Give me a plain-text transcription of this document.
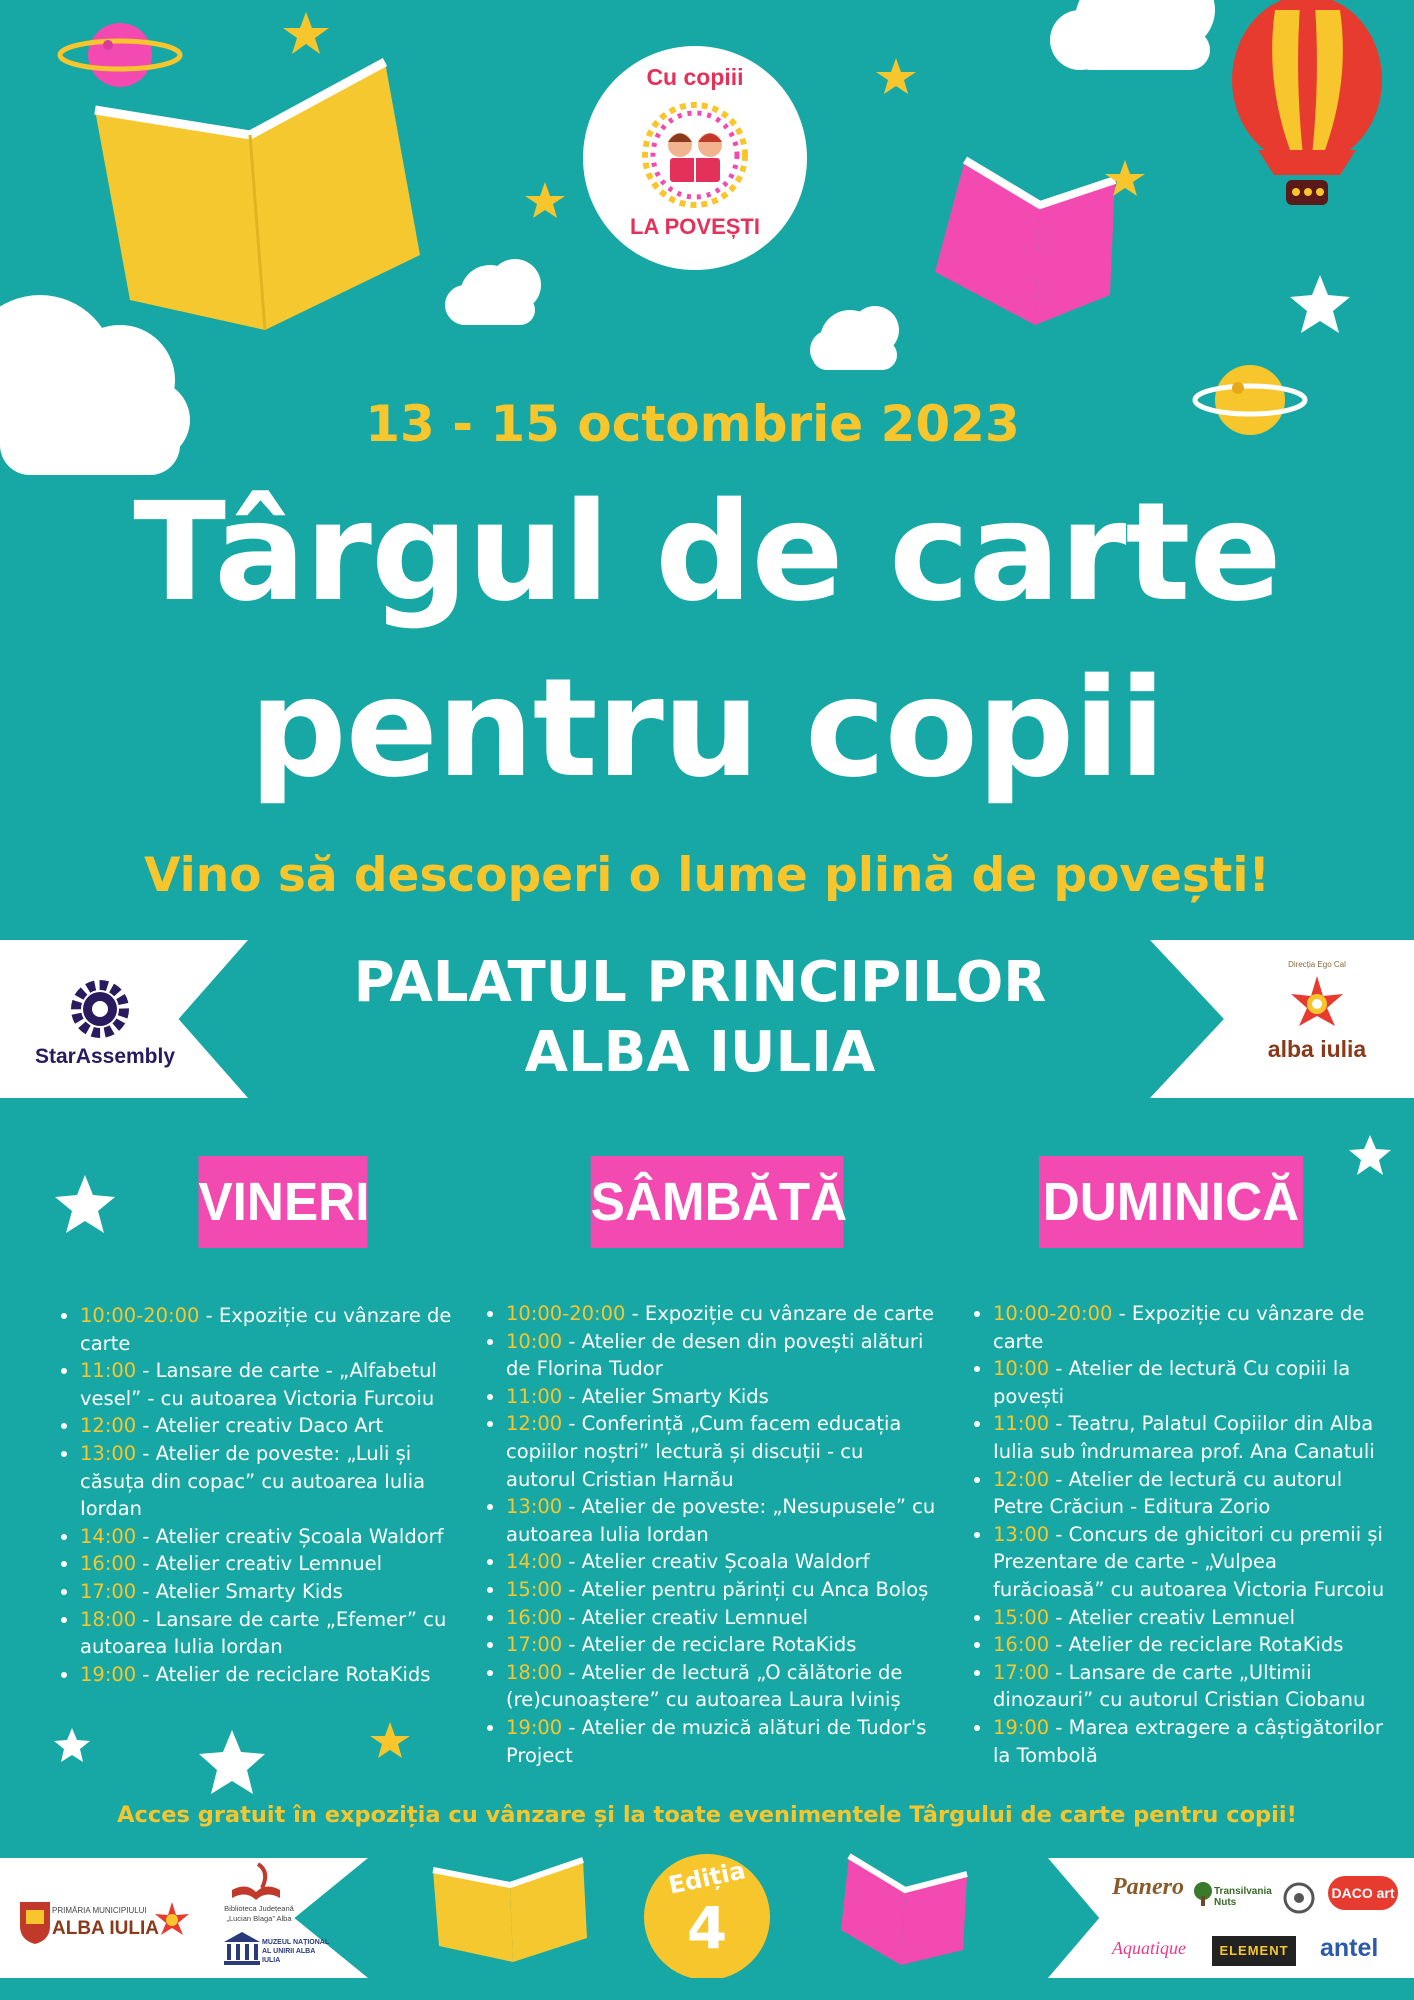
Cu copiii
LA POVEȘTI
13 - 15 octombrie 2023
Târgul de carte
pentru copii
Vino să descoperi o lume plină de povești!
StarAssembly
PALATUL PRINCIPILOR
ALBA IULIA
Direcția Ego Cal
alba iulia
VINERI	SÂMBĂTĂ	DUMINICĂ
• 10:00-20:00 - Expoziție cu vânzare de carte
• 11:00 - Lansare de carte - „Alfabetul vesel” - cu autoarea Victoria Furcoiu
• 12:00 - Atelier creativ Daco Art
• 13:00 - Atelier de poveste: „Luli și căsuța din copac” cu autoarea Iulia Iordan
• 14:00 - Atelier creativ Școala Waldorf
• 16:00 - Atelier creativ Lemnuel
• 17:00 - Atelier Smarty Kids
• 18:00 - Lansare de carte „Efemer” cu autoarea Iulia Iordan
• 19:00 - Atelier de reciclare RotaKids
• 10:00-20:00 - Expoziție cu vânzare de carte
• 10:00 - Atelier de desen din povești alături de Florina Tudor
• 11:00 - Atelier Smarty Kids
• 12:00 - Conferință „Cum facem educația copiilor noștri” lectură și discuții - cu autorul Cristian Harnău
• 13:00 - Atelier de poveste: „Nesupusele” cu autoarea Iulia Iordan
• 14:00 - Atelier creativ Școala Waldorf
• 15:00 - Atelier pentru părinți cu Anca Boloș
• 16:00 - Atelier creativ Lemnuel
• 17:00 - Atelier de reciclare RotaKids
• 18:00 - Atelier de lectură „O călătorie de (re)cunoaștere” cu autoarea Laura Iviniș
• 19:00 - Atelier de muzică alături de Tudor's Project
• 10:00-20:00 - Expoziție cu vânzare de carte
• 10:00 - Atelier de lectură Cu copiii la povești
• 11:00 - Teatru, Palatul Copiilor din Alba Iulia sub îndrumarea prof. Ana Canatuli
• 12:00 - Atelier de lectură cu autorul Petre Crăciun - Editura Zorio
• 13:00 - Concurs de ghicitori cu premii și Prezentare de carte - „Vulpea furăcioasă” cu autoarea Victoria Furcoiu
• 15:00 - Atelier creativ Lemnuel
• 16:00 - Atelier de reciclare RotaKids
• 17:00 - Lansare de carte „Ultimii dinozauri” cu autorul Cristian Ciobanu
• 19:00 - Marea extragere a câștigătorilor la Tombolă
Acces gratuit în expoziția cu vânzare și la toate evenimentele Târgului de carte pentru copii!
PRIMĂRIA MUNICIPIULUI
ALBA IULIA
Biblioteca Județeană „Lucian Blaga” Alba
MUZEUL NAȚIONAL AL UNIRII ALBA IULIA
Ediția
4
Panero	Transilvania Nuts
DACO art
Aquatique	ELEMENT antel
